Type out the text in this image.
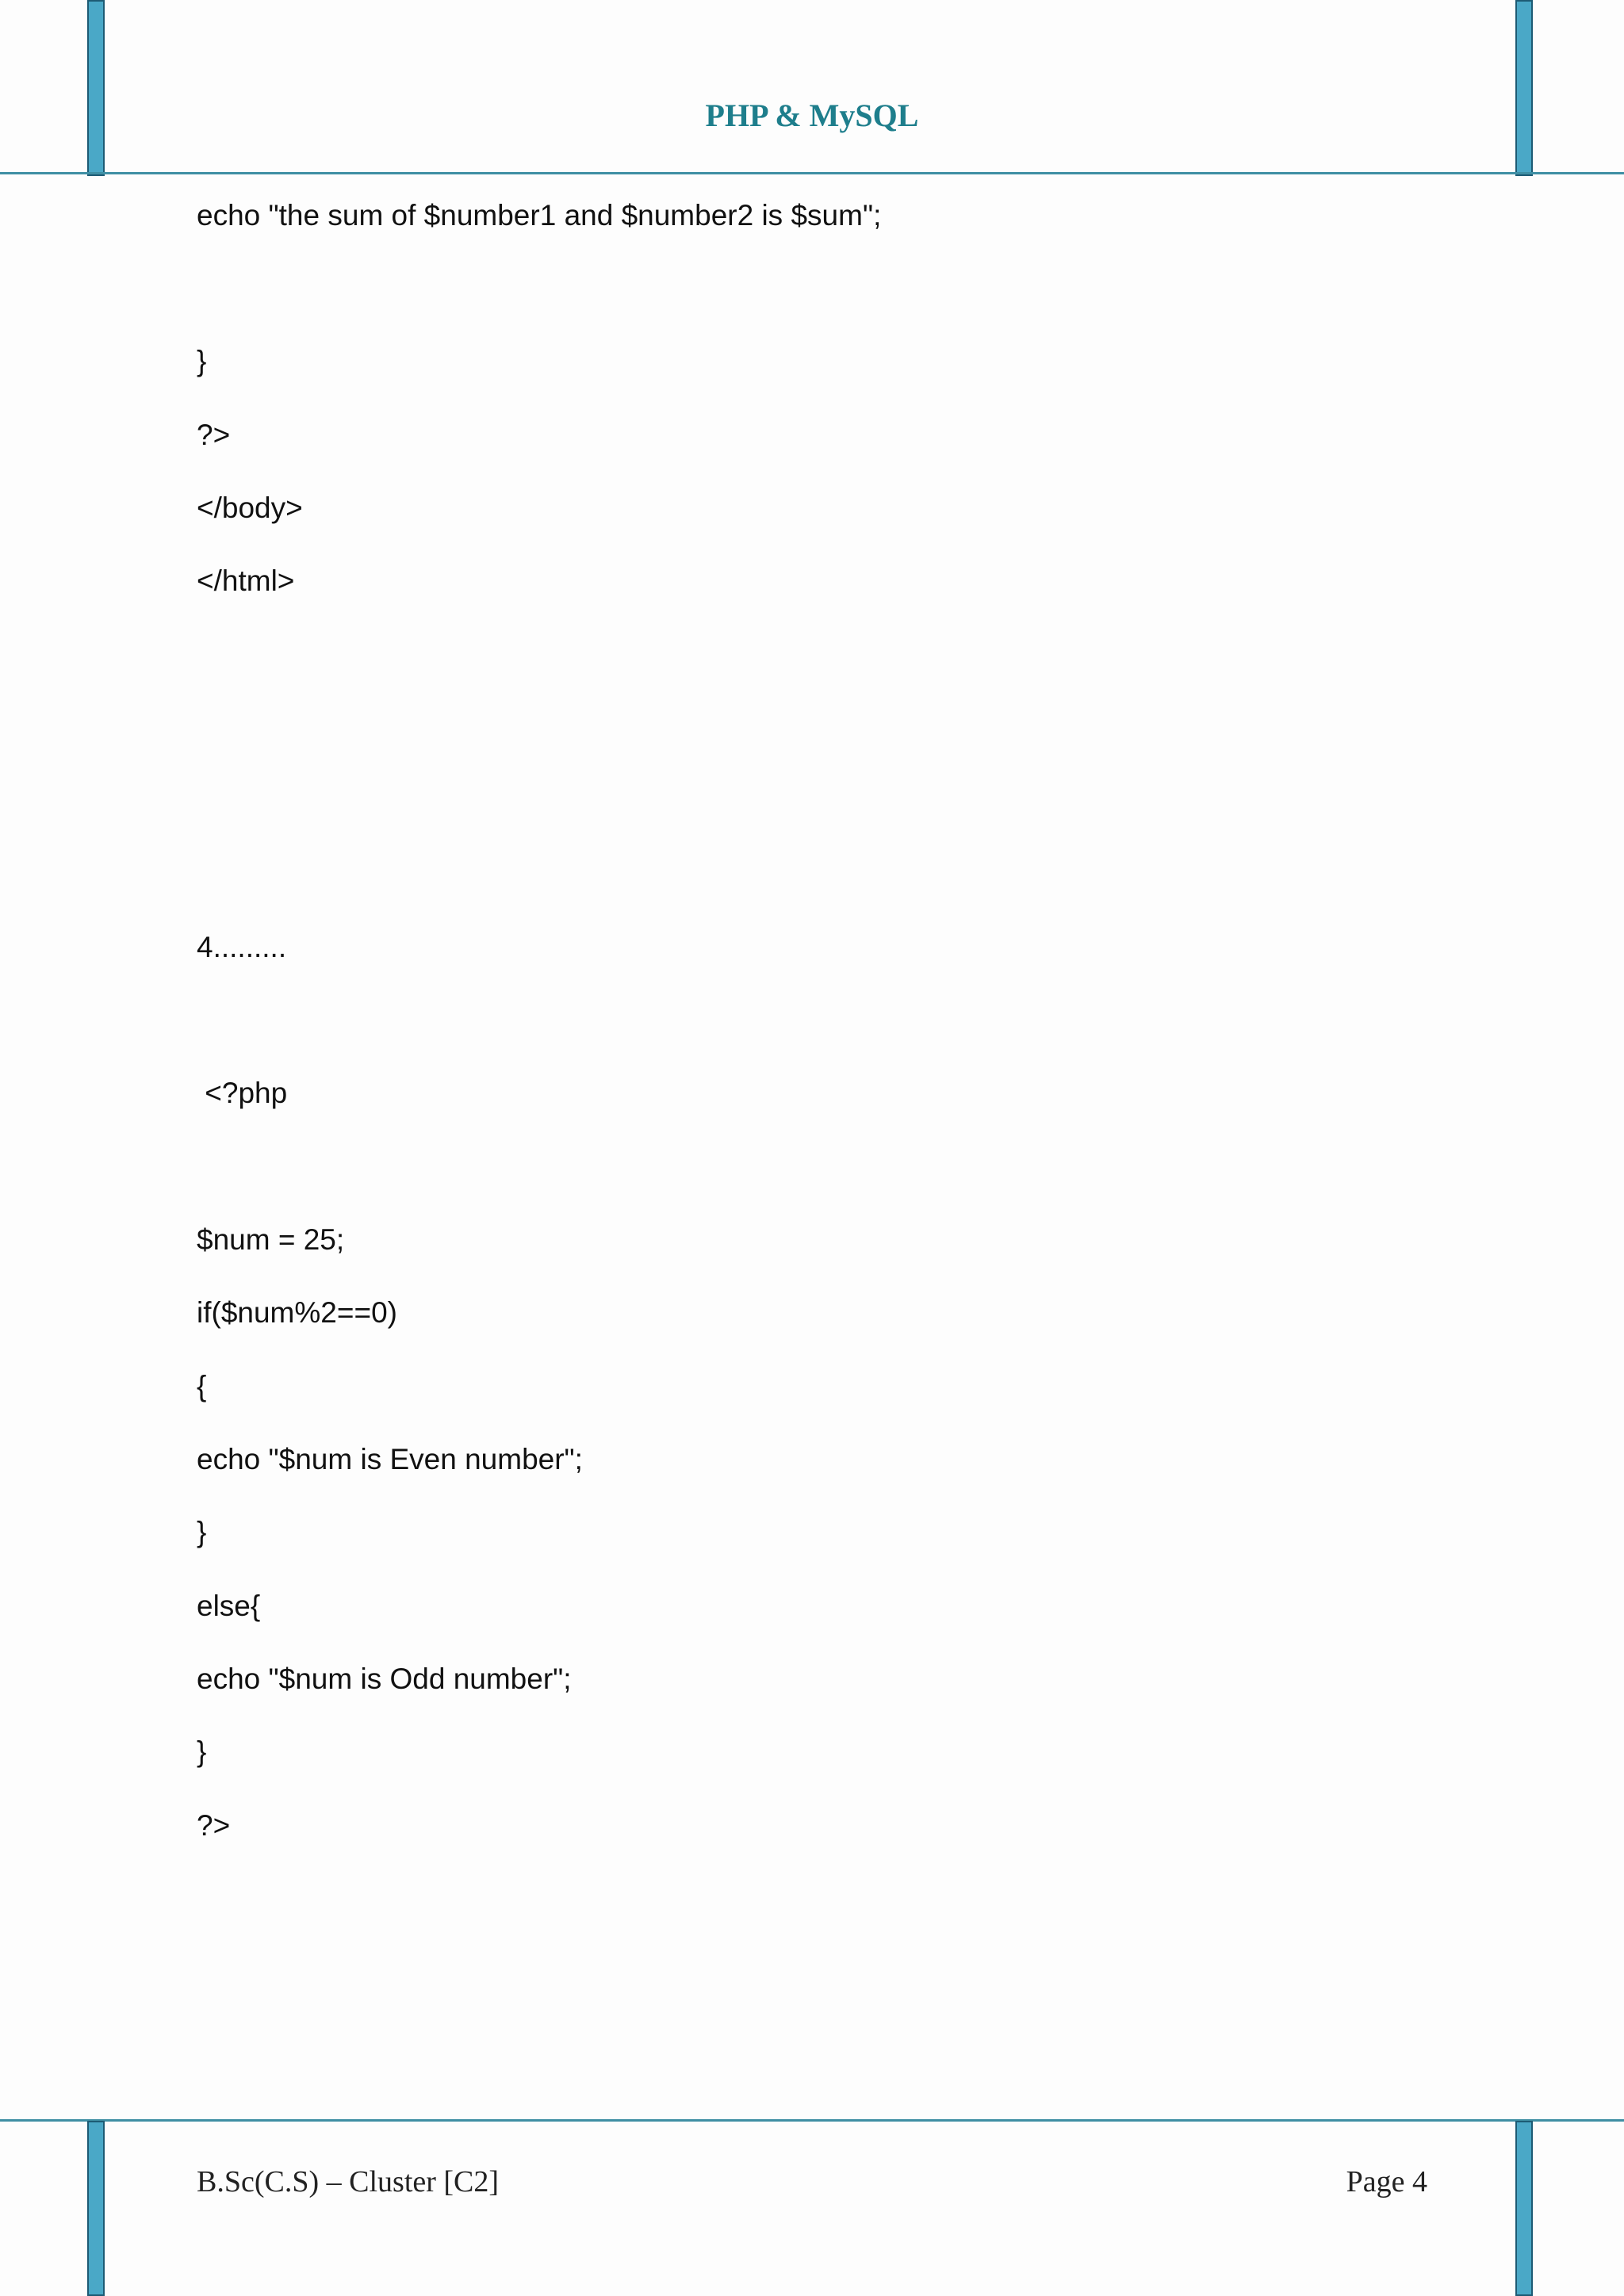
PHP & MySQL
echo "the sum of $number1 and $number2 is $sum";
}
?>
</body>
</html>
4.........
<?php
$num = 25;
if($num%2==0)
{
echo "$num is Even number";
}
else{
echo "$num is Odd number";
}
?>
B.Sc(C.S) – Cluster [C2]	Page 4
